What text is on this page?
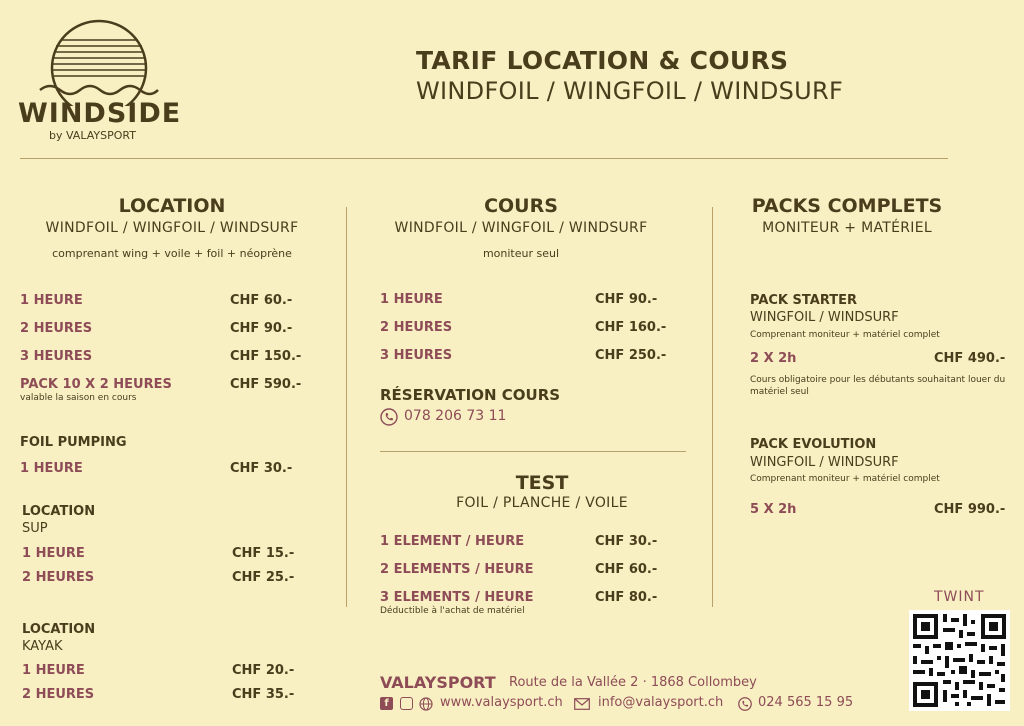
WINDSIDE
by VALAYSPORT
TARIF LOCATION & COURS
WINDFOIL / WINGFOIL / WINDSURF
LOCATION
WINDFOIL / WINGFOIL / WINDSURF
comprenant wing + voile + foil + néoprène
1 HEURE	CHF 60.-
2 HEURES	CHF 90.-
3 HEURES	CHF 150.-
PACK 10 X 2 HEURES	CHF 590.-
valable la saison en cours
FOIL PUMPING
1 HEURE	CHF 30.-
LOCATION
SUP
1 HEURE	CHF 15.-
2 HEURES	CHF 25.-
LOCATION
KAYAK
1 HEURE	CHF 20.-
2 HEURES	CHF 35.-
COURS
WINDFOIL / WINGFOIL / WINDSURF
moniteur seul
1 HEURE	CHF 90.-
2 HEURES	CHF 160.-
3 HEURES	CHF 250.-
RÉSERVATION COURS
078 206 73 11
TEST
FOIL / PLANCHE / VOILE
1 ELEMENT / HEURE	CHF 30.-
2 ELEMENTS / HEURE	CHF 60.-
3 ELEMENTS / HEURE	CHF 80.-
Déductible à l'achat de matériel
PACKS COMPLETS
MONITEUR + MATÉRIEL
PACK STARTER
WINGFOIL / WINDSURF
Comprenant moniteur + matériel complet
2 X 2h	CHF 490.-
Cours obligatoire pour les débutants souhaitant louer du matériel seul
PACK EVOLUTION
WINGFOIL / WINDSURF
Comprenant moniteur + matériel complet
5 X 2h	CHF 990.-
VALAYSPORT Route de la Vallée 2 · 1868 Collombey
f	www.valaysport.ch	info@valaysport.ch	024 565 15 95
TWINT
